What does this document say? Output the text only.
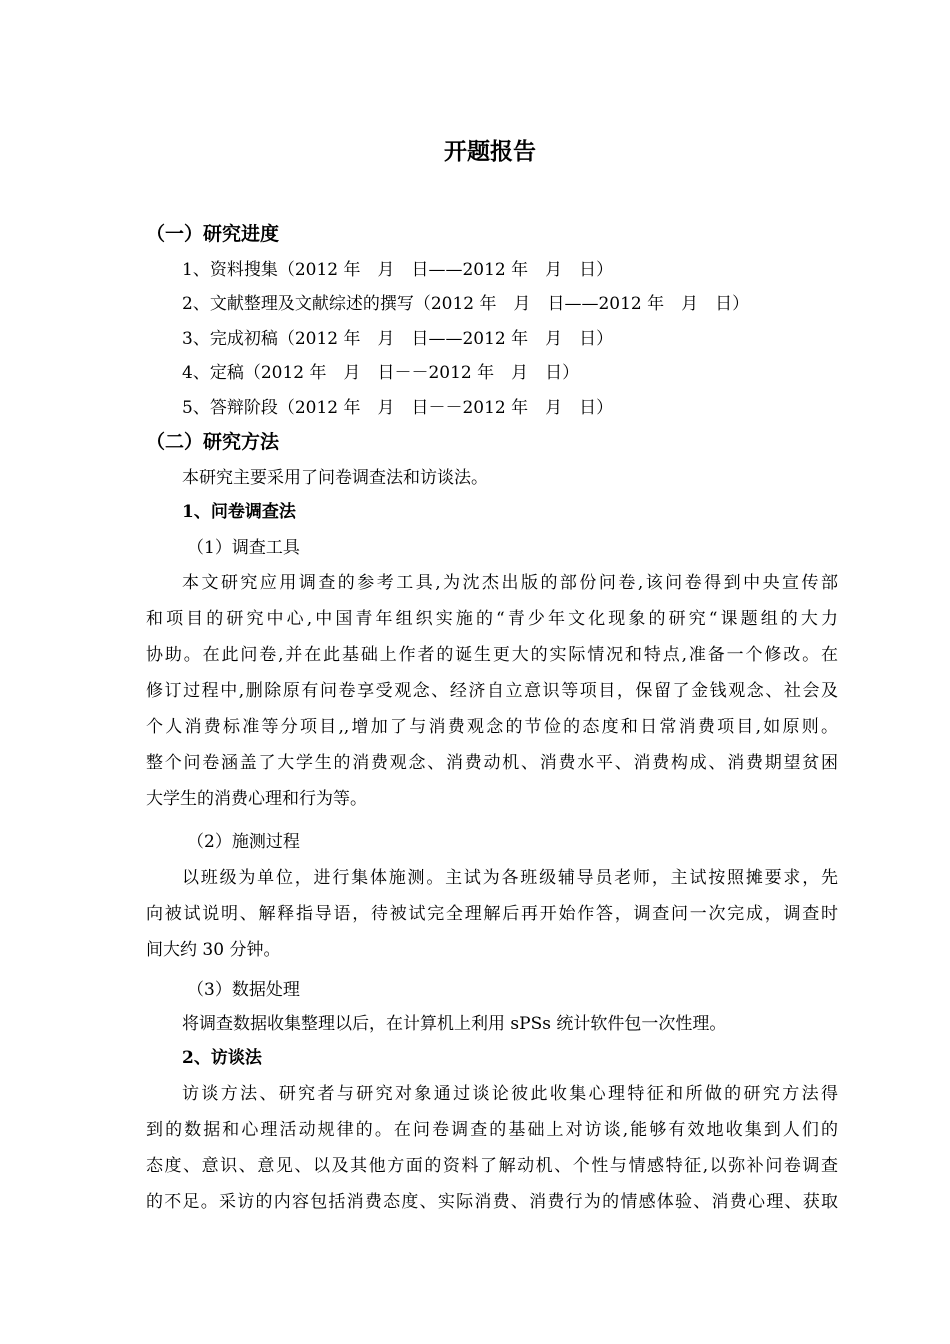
开题报告
（一）研究进度
1、资料搜集（2012 年　月　日——2012 年　月　日）
2、文献整理及文献综述的撰写（2012 年　月　日——2012 年　月　日）
3、完成初稿（2012 年　月　日——2012 年　月　日）
4、定稿（2012 年　月　日－－2012 年　月　日）
5、答辩阶段（2012 年　月　日－－2012 年　月　日）
（二）研究方法
本研究主要采用了问卷调查法和访谈法。
1、问卷调查法
（1）调查工具
本文研究应用调查的参考工具,为沈杰出版的部份问卷,该问卷得到中央宣传部
和项目的研究中心,中国青年组织实施的“青少年文化现象的研究“课题组的大力
协助。在此问卷,并在此基础上作者的诞生更大的实际情况和特点,准备一个修改。在
修订过程中,删除原有问卷享受观念、经济自立意识等项目，保留了金钱观念、社会及
个人消费标准等分项目,,增加了与消费观念的节俭的态度和日常消费项目,如原则。
整个问卷涵盖了大学生的消费观念、消费动机、消费水平、消费构成、消费期望贫困
大学生的消费心理和行为等。
（2）施测过程
以班级为单位，进行集体施测。主试为各班级辅导员老师，主试按照摊要求，先
向被试说明、解释指导语，待被试完全理解后再开始作答，调查问一次完成，调查时
间大约 30 分钟。
（3）数据处理
将调查数据收集整理以后，在计算机上利用 sPSs 统计软件包一次性理。
2、访谈法
访谈方法、研究者与研究对象通过谈论彼此收集心理特征和所做的研究方法得
到的数据和心理活动规律的。在问卷调查的基础上对访谈,能够有效地收集到人们的
态度、意识、意见、以及其他方面的资料了解动机、个性与情感特征,以弥补问卷调查
的不足。采访的内容包括消费态度、实际消费、消费行为的情感体验、消费心理、获取
